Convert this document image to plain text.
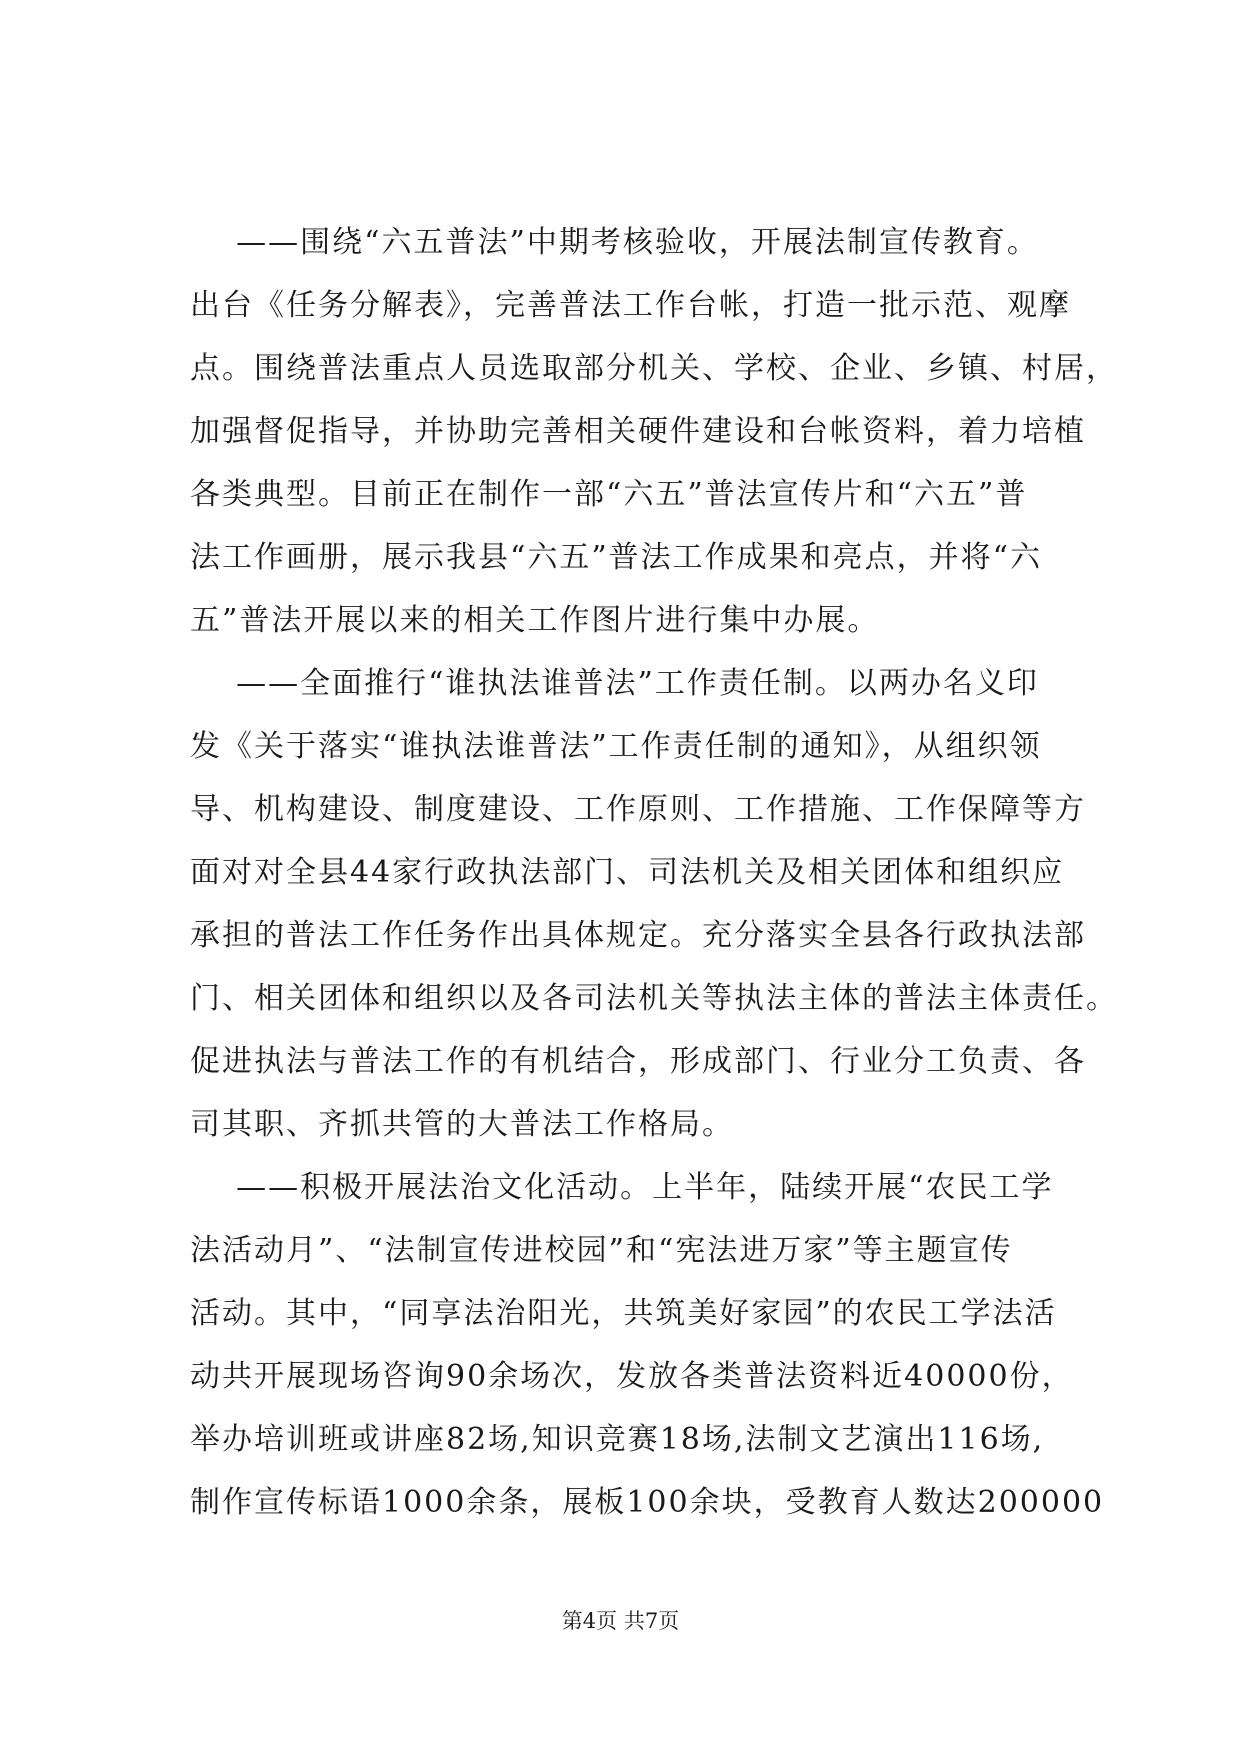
——围绕“六五普法”中期考核验收，开展法制宣传教育。
出台《任务分解表》，完善普法工作台帐，打造一批示范、观摩
点。围绕普法重点人员选取部分机关、学校、企业、乡镇、村居，
加强督促指导，并协助完善相关硬件建设和台帐资料，着力培植
各类典型。目前正在制作一部“六五”普法宣传片和“六五”普
法工作画册，展示我县“六五”普法工作成果和亮点，并将“六
五”普法开展以来的相关工作图片进行集中办展。
——全面推行“谁执法谁普法”工作责任制。以两办名义印
发《关于落实“谁执法谁普法”工作责任制的通知》，从组织领
导、机构建设、制度建设、工作原则、工作措施、工作保障等方
面对对全县44家行政执法部门、司法机关及相关团体和组织应
承担的普法工作任务作出具体规定。充分落实全县各行政执法部
门、相关团体和组织以及各司法机关等执法主体的普法主体责任。
促进执法与普法工作的有机结合，形成部门、行业分工负责、各
司其职、齐抓共管的大普法工作格局。
——积极开展法治文化活动。上半年，陆续开展“农民工学
法活动月”、“法制宣传进校园”和“宪法进万家”等主题宣传
活动。其中，“同享法治阳光，共筑美好家园”的农民工学法活
动共开展现场咨询90余场次，发放各类普法资料近40000份，
举办培训班或讲座82场,知识竞赛18场,法制文艺演出116场,
制作宣传标语1000余条，展板100余块，受教育人数达200000
第4页 共7页
